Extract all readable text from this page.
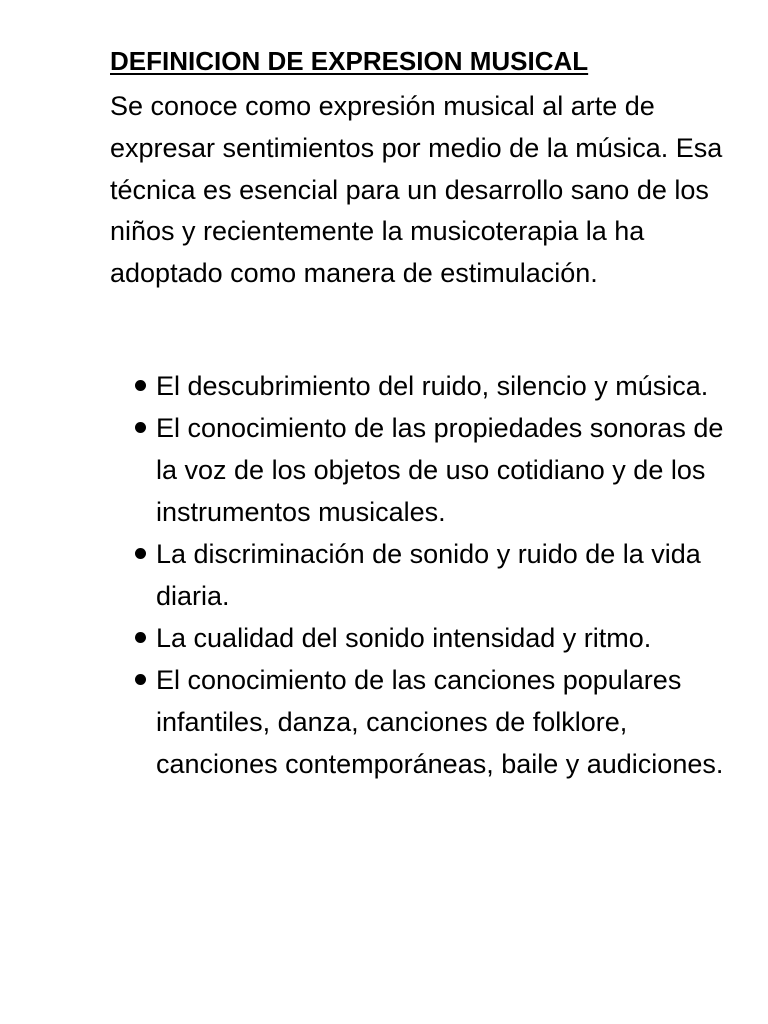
DEFINICION DE EXPRESION MUSICAL

Se conoce como expresión musical al arte de expresar sentimientos por medio de la música. Esa técnica es esencial para un desarrollo sano de los niños y recientemente la musicoterapia la ha adoptado como manera de estimulación.

El descubrimiento del ruido, silencio y música.
El conocimiento de las propiedades sonoras de la voz de los objetos de uso cotidiano y de los instrumentos musicales.
La discriminación de sonido y ruido de la vida diaria.
La cualidad del sonido intensidad y ritmo.
El conocimiento de las canciones populares infantiles, danza, canciones de folklore, canciones contemporáneas, baile y audiciones.
